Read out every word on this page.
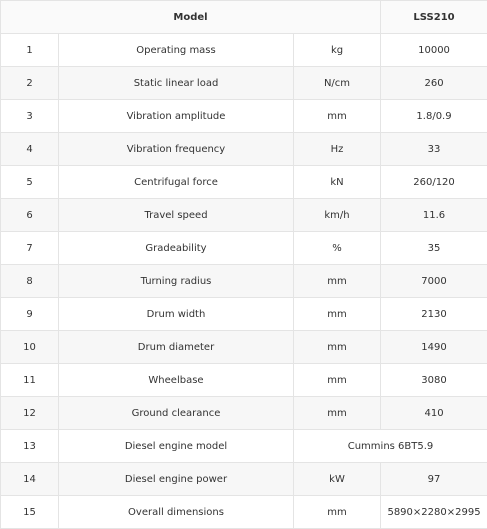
Model			LSS210
1	Operating mass	kg	10000
2	Static linear load	N/cm	260
3	Vibration amplitude	mm	1.8/0.9
4	Vibration frequency	Hz	33
5	Centrifugal force	kN	260/120
6	Travel speed	km/h	11.6
7	Gradeability	%	35
8	Turning radius	mm	7000
9	Drum width	mm	2130
10	Drum diameter	mm	1490
11	Wheelbase	mm	3080
12	Ground clearance	mm	410
13	Diesel engine model	Cummins 6BT5.9	
14	Diesel engine power	kW	97
15	Overall dimensions	mm	5890×2280×2995
